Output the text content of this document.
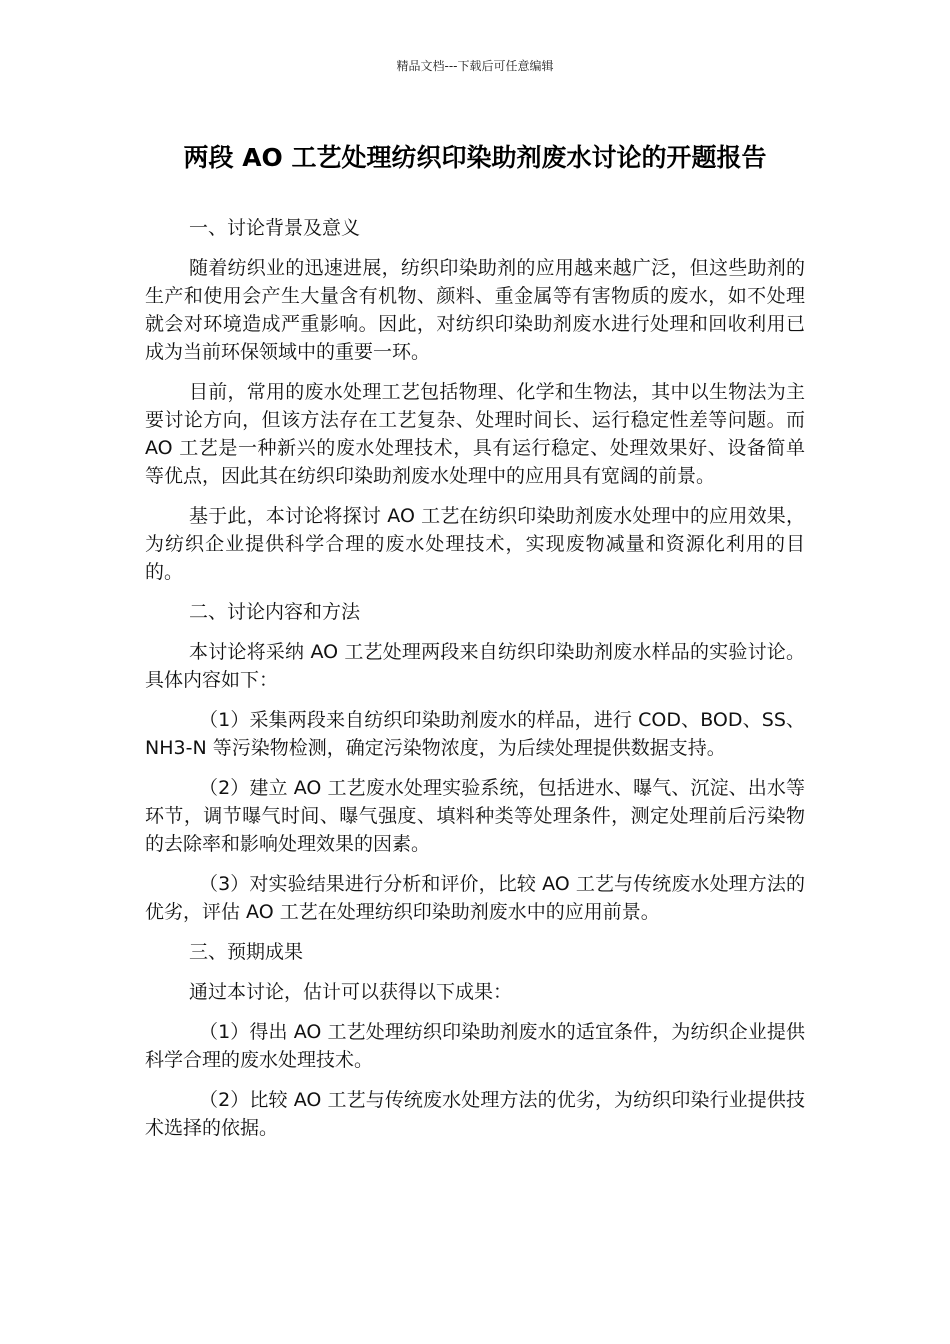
精品文档---下载后可任意编辑
两段 AO 工艺处理纺织印染助剂废水讨论的开题报告

一、讨论背景及意义

随着纺织业的迅速进展，纺织印染助剂的应用越来越广泛，但这些助剂的生产和使用会产生大量含有机物、颜料、重金属等有害物质的废水，如不处理就会对环境造成严重影响。因此，对纺织印染助剂废水进行处理和回收利用已成为当前环保领域中的重要一环。

目前，常用的废水处理工艺包括物理、化学和生物法，其中以生物法为主要讨论方向，但该方法存在工艺复杂、处理时间长、运行稳定性差等问题。而 AO 工艺是一种新兴的废水处理技术，具有运行稳定、处理效果好、设备简单等优点，因此其在纺织印染助剂废水处理中的应用具有宽阔的前景。

基于此，本讨论将探讨 AO 工艺在纺织印染助剂废水处理中的应用效果，为纺织企业提供科学合理的废水处理技术，实现废物减量和资源化利用的目的。

二、讨论内容和方法

本讨论将采纳 AO 工艺处理两段来自纺织印染助剂废水样品的实验讨论。具体内容如下：

（1）采集两段来自纺织印染助剂废水的样品，进行 COD、BOD、SS、NH3-N 等污染物检测，确定污染物浓度，为后续处理提供数据支持。

（2）建立 AO 工艺废水处理实验系统，包括进水、曝气、沉淀、出水等环节，调节曝气时间、曝气强度、填料种类等处理条件，测定处理前后污染物的去除率和影响处理效果的因素。

（3）对实验结果进行分析和评价，比较 AO 工艺与传统废水处理方法的优劣，评估 AO 工艺在处理纺织印染助剂废水中的应用前景。

三、预期成果

通过本讨论，估计可以获得以下成果：

（1）得出 AO 工艺处理纺织印染助剂废水的适宜条件，为纺织企业提供科学合理的废水处理技术。

（2）比较 AO 工艺与传统废水处理方法的优劣，为纺织印染行业提供技术选择的依据。
